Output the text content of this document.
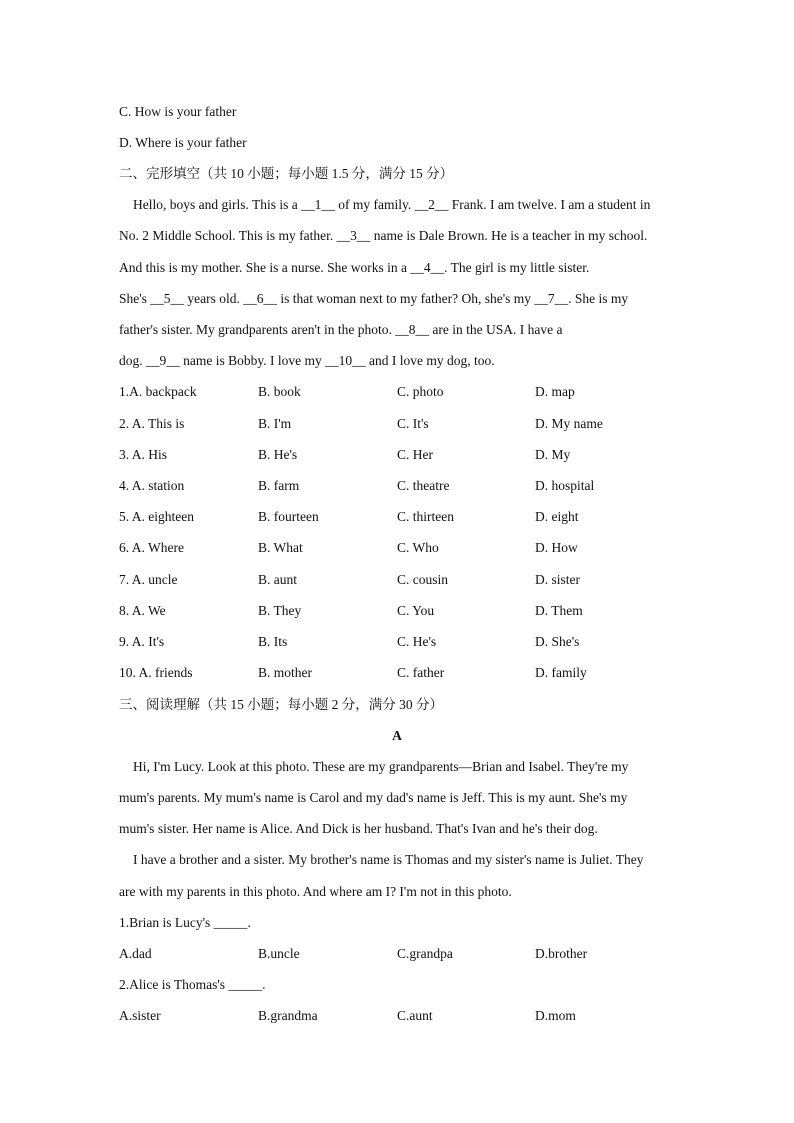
C. How is your father
D. Where is your father
二、完形填空（共 10 小题；每小题 1.5 分，满分 15 分）
Hello, boys and girls. This is a __1__ of my family. __2__ Frank. I am twelve. I am a student in
No. 2 Middle School. This is my father. __3__ name is Dale Brown. He is a teacher in my school.
And this is my mother. She is a nurse. She works in a __4__. The girl is my little sister.
She's __5__ years old. __6__ is that woman next to my father? Oh, she's my __7__. She is my
father's sister. My grandparents aren't in the photo. __8__ are in the USA. I have a
dog. __9__ name is Bobby. I love my __10__ and I love my dog, too.
1.A. backpack	B. book	C. photo	D. map
2. A. This is	B. I'm	C. It's	D. My name
3. A. His	B. He's	C. Her	D. My
4. A. station	B. farm	C. theatre	D. hospital
5. A. eighteen	B. fourteen	C. thirteen	D. eight
6. A. Where	B. What	C. Who	D. How
7. A. uncle	B. aunt	C. cousin	D. sister
8. A. We	B. They	C. You	D. Them
9. A. It's	B. Its	C. He's	D. She's
10. A. friends	B. mother	C. father	D. family
三、阅读理解（共 15 小题；每小题 2 分，满分 30 分）
A
Hi, I'm Lucy. Look at this photo. These are my grandparents—Brian and Isabel. They're my
mum's parents. My mum's name is Carol and my dad's name is Jeff. This is my aunt. She's my
mum's sister. Her name is Alice. And Dick is her husband. That's Ivan and he's their dog.
I have a brother and a sister. My brother's name is Thomas and my sister's name is Juliet. They
are with my parents in this photo. And where am I? I'm not in this photo.
1.Brian is Lucy's _____.
A.dad	B.uncle	C.grandpa	D.brother
2.Alice is Thomas's _____.
A.sister	B.grandma	C.aunt	D.mom
